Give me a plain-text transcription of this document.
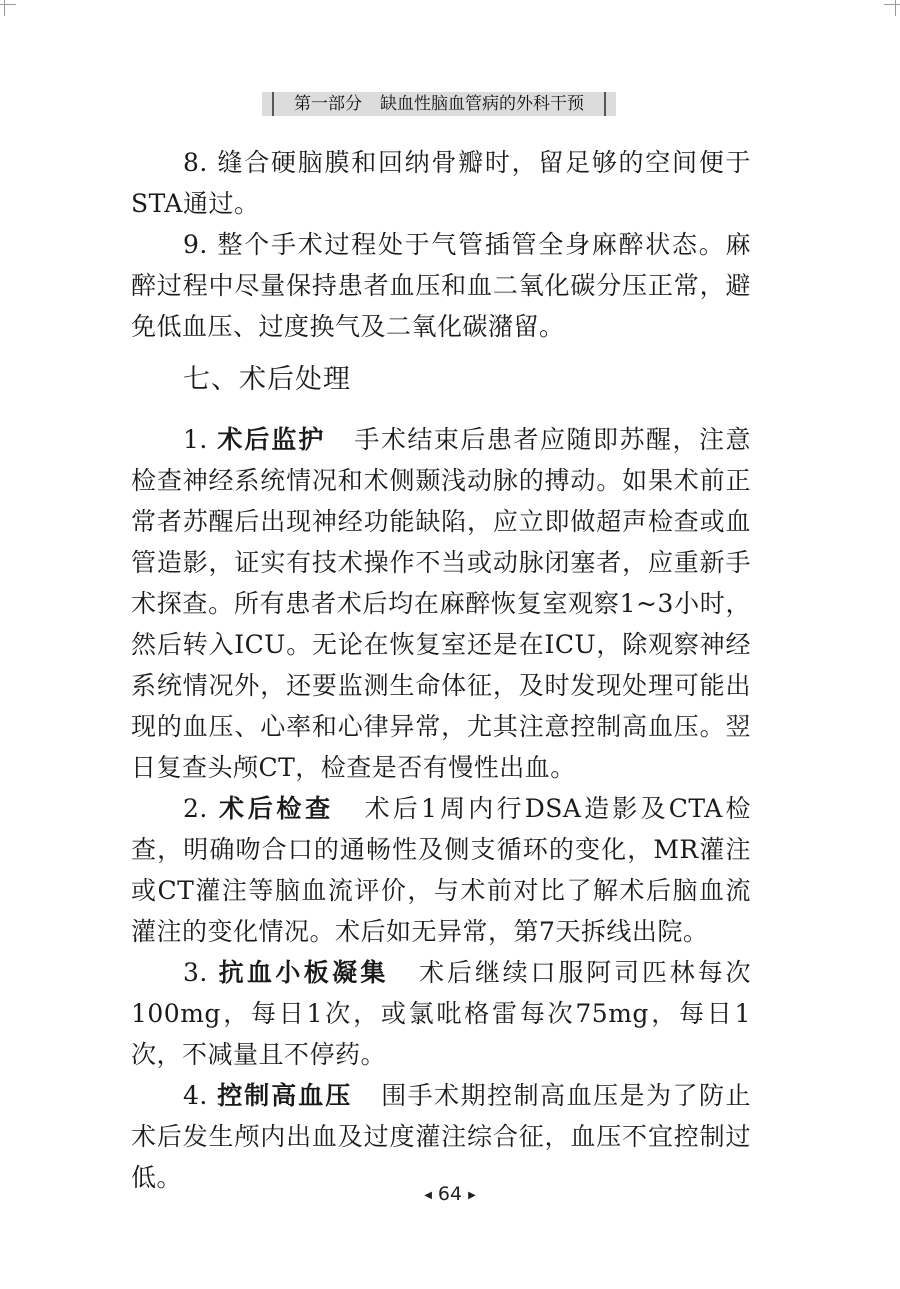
第一部分 缺血性脑血管病的外科干预

8. 缝合硬脑膜和回纳骨瓣时，留足够的空间便于STA通过。

9. 整个手术过程处于气管插管全身麻醉状态。麻醉过程中尽量保持患者血压和血二氧化碳分压正常，避免低血压、过度换气及二氧化碳潴留。

七、术后处理

1. 术后监护 手术结束后患者应随即苏醒，注意检查神经系统情况和术侧颞浅动脉的搏动。如果术前正常者苏醒后出现神经功能缺陷，应立即做超声检查或血管造影，证实有技术操作不当或动脉闭塞者，应重新手术探查。所有患者术后均在麻醉恢复室观察1~3小时，然后转入ICU。无论在恢复室还是在ICU，除观察神经系统情况外，还要监测生命体征，及时发现处理可能出现的血压、心率和心律异常，尤其注意控制高血压。翌日复查头颅CT，检查是否有慢性出血。

2. 术后检查 术后1周内行DSA造影及CTA检查，明确吻合口的通畅性及侧支循环的变化，MR灌注或CT灌注等脑血流评价，与术前对比了解术后脑血流灌注的变化情况。术后如无异常，第7天拆线出院。

3. 抗血小板凝集 术后继续口服阿司匹林每次100mg，每日1次，或氯吡格雷每次75mg，每日1次，不减量且不停药。

4. 控制高血压 围手术期控制高血压是为了防止术后发生颅内出血及过度灌注综合征，血压不宜控制过低。

◀ 64 ▶
